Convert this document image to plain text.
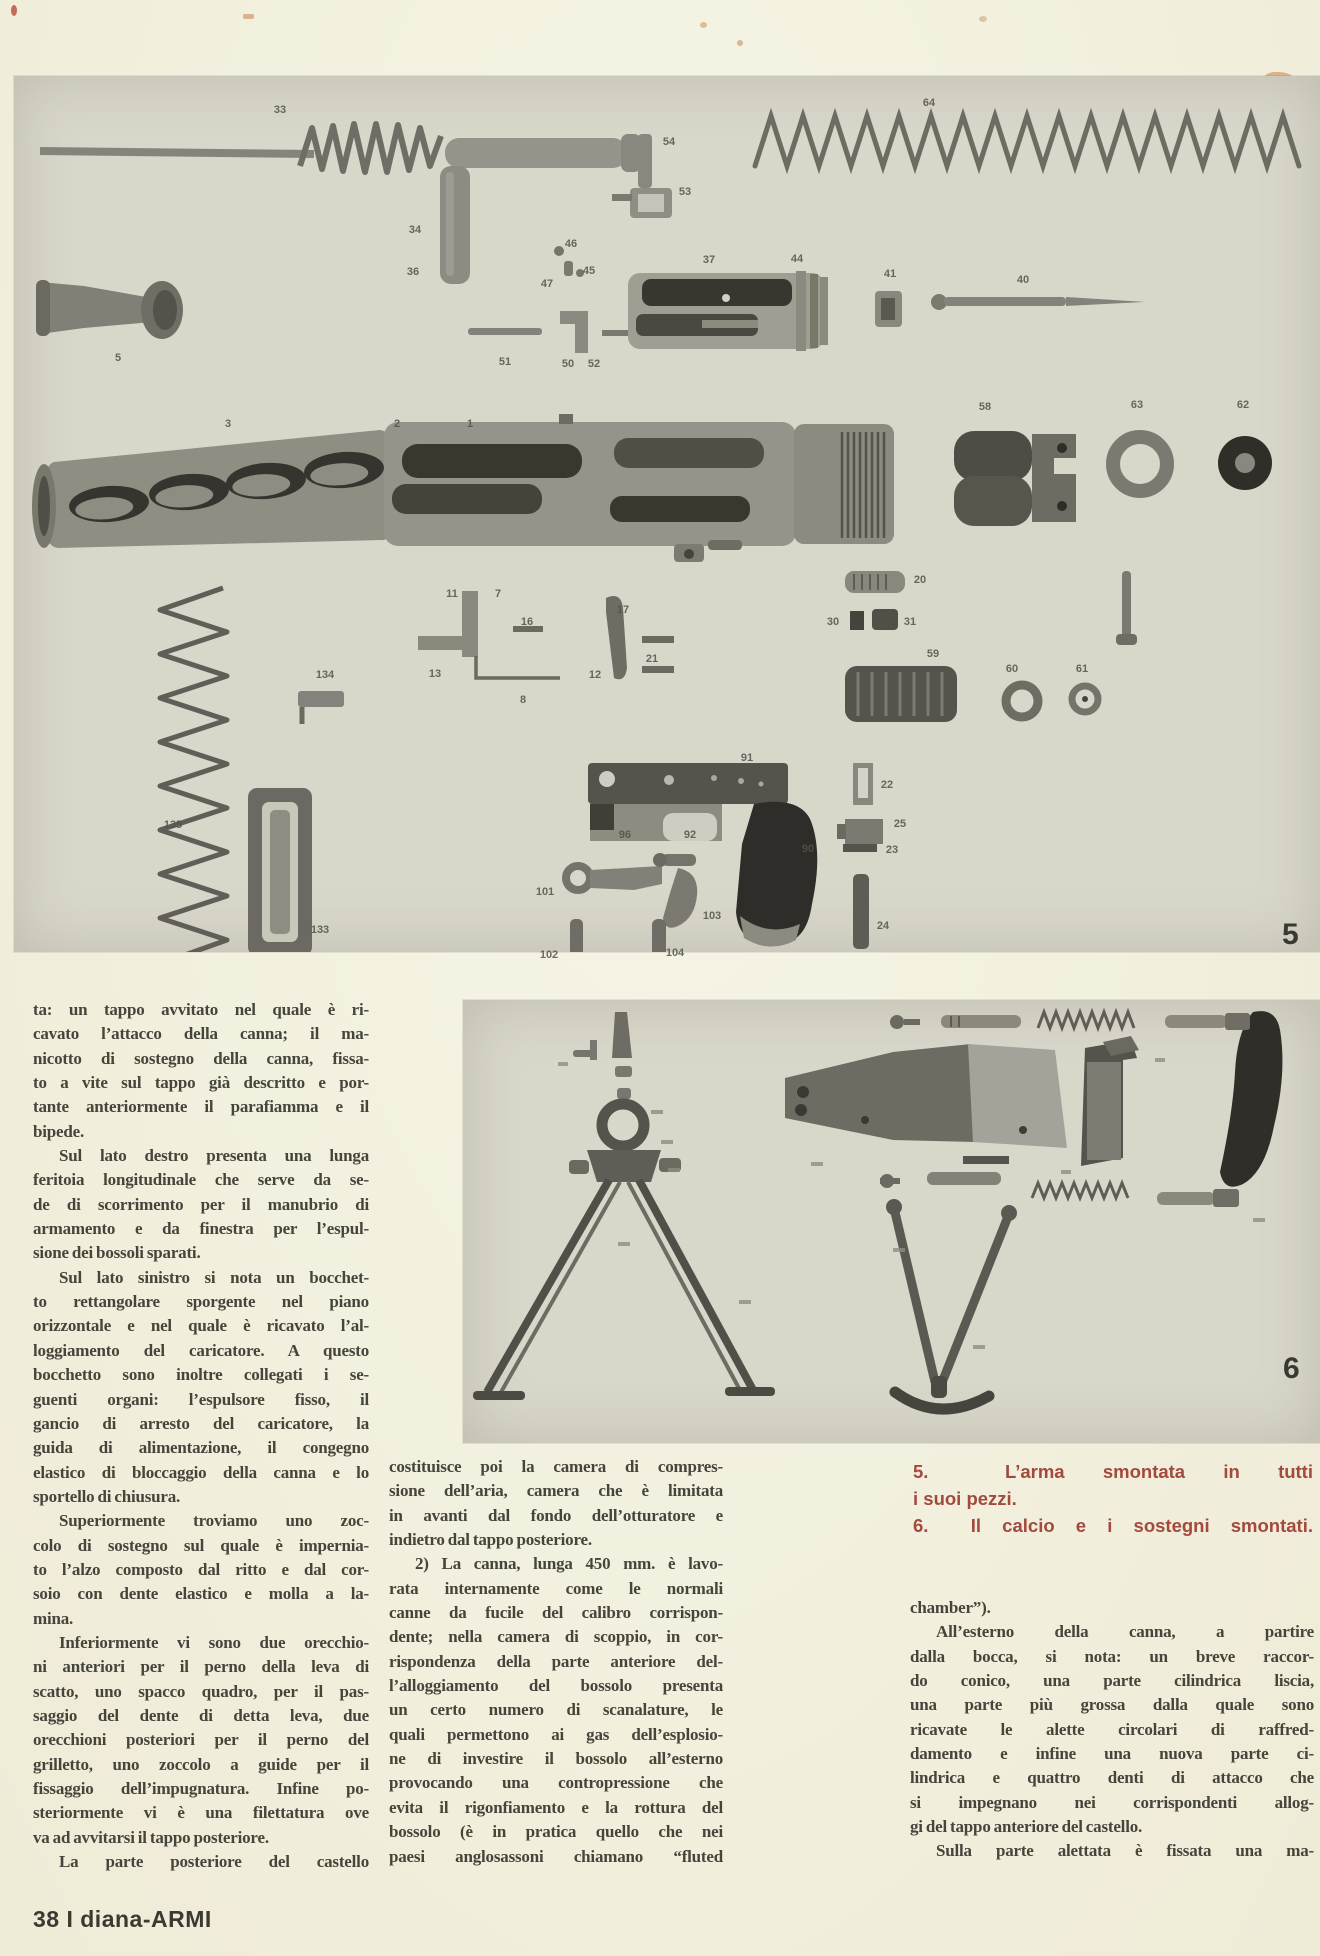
5
33
34
36
5
54
53
46
45
47
51	50 52
37	44
64
41	40
3	2	1
58	63	62
20
30	31
11	7
16
17
21
13	12
8
134
135
59
60	61
133
91
96	92
90
22
25
23
24
101
103
102	104
6
ta: un tappo avvitato nel quale è ri-
cavato l’attacco della canna; il ma-
nicotto di sostegno della canna, fissa-
to a vite sul tappo già descritto e por-
tante anteriormente il parafiamma e il
bipede.
Sul lato destro presenta una lunga
feritoia longitudinale che serve da se-
de di scorrimento per il manubrio di
armamento e da finestra per l’espul-
sione dei bossoli sparati.
Sul lato sinistro si nota un bocchet-
to rettangolare sporgente nel piano
orizzontale e nel quale è ricavato l’al-
loggiamento del caricatore. A questo
bocchetto sono inoltre collegati i se-
guenti organi: l’espulsore fisso, il
gancio di arresto del caricatore, la
guida di alimentazione, il congegno
elastico di bloccaggio della canna e lo
sportello di chiusura.
Superiormente troviamo uno zoc-
colo di sostegno sul quale è impernia-
to l’alzo composto dal ritto e dal cor-
soio con dente elastico e molla a la-
mina.
Inferiormente vi sono due orecchio-
ni anteriori per il perno della leva di
scatto, uno spacco quadro, per il pas-
saggio del dente di detta leva, due
orecchioni posteriori per il perno del
grilletto, uno zoccolo a guide per il
fissaggio dell’impugnatura. Infine po-
steriormente vi è una filettatura ove
va ad avvitarsi il tappo posteriore.
La parte posteriore del castello
costituisce poi la camera di compres-
sione dell’aria, camera che è limitata
in avanti dal fondo dell’otturatore e
indietro dal tappo posteriore.
2) La canna, lunga 450 mm. è lavo-
rata internamente come le normali
canne da fucile del calibro corrispon-
dente; nella camera di scoppio, in cor-
rispondenza della parte anteriore del-
l’alloggiamento del bossolo presenta
un certo numero di scanalature, le
quali permettono ai gas dell’esplosio-
ne di investire il bossolo all’esterno
provocando una contropressione che
evita il rigonfiamento e la rottura del
bossolo (è in pratica quello che nei
paesi anglosassoni chiamano “fluted
chamber”).
All’esterno della canna, a partire
dalla bocca, si nota: un breve raccor-
do conico, una parte cilindrica liscia,
una parte più grossa dalla quale sono
ricavate le alette circolari di raffred-
damento e infine una nuova parte ci-
lindrica e quattro denti di attacco che
si impegnano nei corrispondenti allog-
gi del tappo anteriore del castello.
Sulla parte alettata è fissata una ma-
5.  L’arma smontata in tutti
i suoi pezzi.
6.  Il calcio e i sostegni smontati.
38 I diana-ARMI
